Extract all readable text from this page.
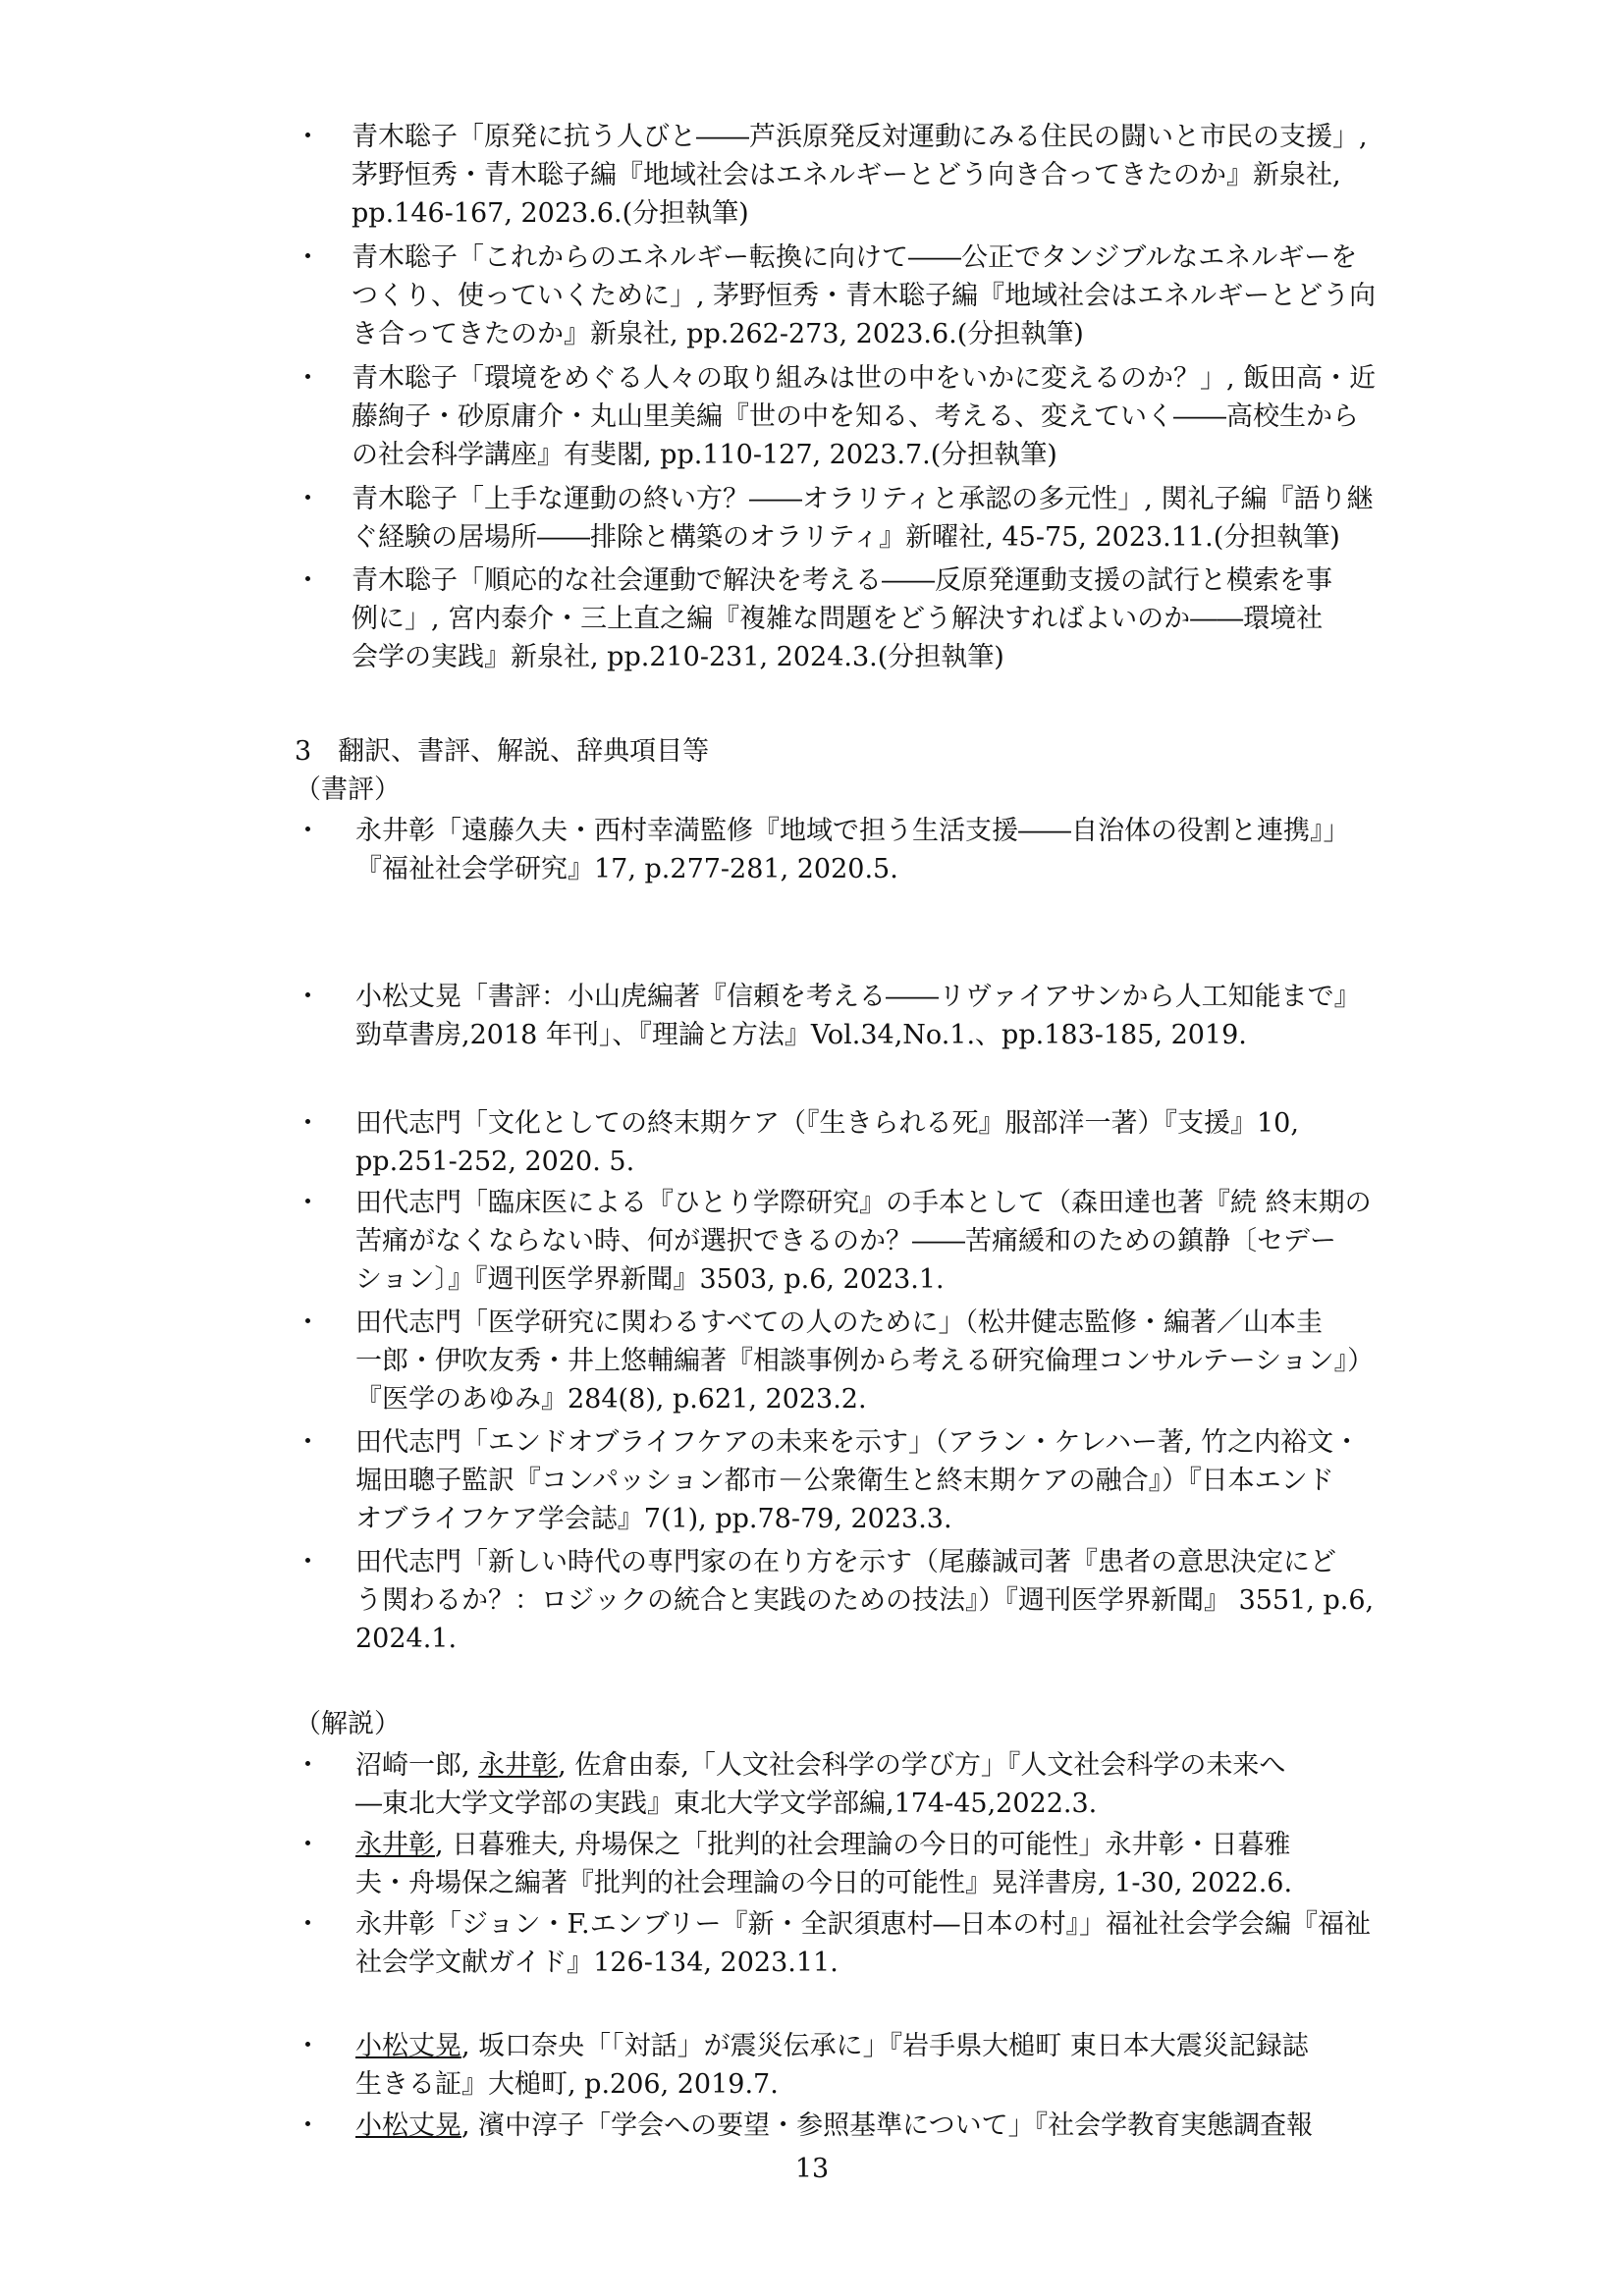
・ 青木聡子「原発に抗う人びと――芦浜原発反対運動にみる住民の闘いと市民の支援」,
茅野恒秀・青木聡子編『地域社会はエネルギーとどう向き合ってきたのか』新泉社,
pp.146-167, 2023.6.(分担執筆)
・ 青木聡子「これからのエネルギー転換に向けて――公正でタンジブルなエネルギーを
つくり、使っていくために」, 茅野恒秀・青木聡子編『地域社会はエネルギーとどう向
き合ってきたのか』新泉社, pp.262-273, 2023.6.(分担執筆)
・ 青木聡子「環境をめぐる人々の取り組みは世の中をいかに変えるのか？」, 飯田高・近
藤絢子・砂原庸介・丸山里美編『世の中を知る、考える、変えていく――高校生から
の社会科学講座』有斐閣, pp.110-127, 2023.7.(分担執筆)
・ 青木聡子「上手な運動の終い方？――オラリティと承認の多元性」, 関礼子編『語り継
ぐ経験の居場所――排除と構築のオラリティ』新曜社, 45-75, 2023.11.(分担執筆)
・ 青木聡子「順応的な社会運動で解決を考える――反原発運動支援の試行と模索を事
例に」, 宮内泰介・三上直之編『複雑な問題をどう解決すればよいのか――環境社
会学の実践』新泉社, pp.210-231, 2024.3.(分担執筆)
3　翻訳、書評、解説、辞典項目等
（書評）
・ 永井彰「遠藤久夫・西村幸満監修『地域で担う生活支援――自治体の役割と連携』」
『福祉社会学研究』17, p.277-281, 2020.5.
・ 小松丈晃「書評：小山虎編著『信頼を考える――リヴァイアサンから人工知能まで』
勁草書房,2018 年刊」、『理論と方法』Vol.34,No.1.、pp.183-185, 2019.
・ 田代志門「文化としての終末期ケア（『生きられる死』服部洋一著）『支援』10,
pp.251-252, 2020. 5.
・ 田代志門「臨床医による『ひとり学際研究』の手本として（森田達也著『続 終末期の
苦痛がなくならない時、何が選択できるのか？――苦痛緩和のための鎮静〔セデー
ション〕』『週刊医学界新聞』3503, p.6, 2023.1.
・ 田代志門「医学研究に関わるすべての人のために」（松井健志監修・編著／山本圭
一郎・伊吹友秀・井上悠輔編著『相談事例から考える研究倫理コンサルテーション』）
『医学のあゆみ』284(8), p.621, 2023.2.
・ 田代志門「エンドオブライフケアの未来を示す」（アラン・ケレハー著, 竹之内裕文・
堀田聰子監訳『コンパッション都市－公衆衛生と終末期ケアの融合』）『日本エンド
オブライフケア学会誌』7(1), pp.78-79, 2023.3.
・ 田代志門「新しい時代の専門家の在り方を示す（尾藤誠司著『患者の意思決定にど
う関わるか？：ロジックの統合と実践のための技法』）『週刊医学界新聞』 3551, p.6,
2024.1.
（解説）
・ 沼崎一郎, 永井彰, 佐倉由泰,「人文社会科学の学び方」『人文社会科学の未来へ
―東北大学文学部の実践』東北大学文学部編,174-45,2022.3.
・ 永井彰, 日暮雅夫, 舟場保之「批判的社会理論の今日的可能性」永井彰・日暮雅
夫・舟場保之編著『批判的社会理論の今日的可能性』晃洋書房, 1-30, 2022.6.
・ 永井彰「ジョン・F.エンブリー『新・全訳須恵村―日本の村』」福祉社会学会編『福祉
社会学文献ガイド』126-134, 2023.11.
・ 小松丈晃, 坂口奈央「「対話」が震災伝承に」『岩手県大槌町 東日本大震災記録誌
生きる証』大槌町, p.206, 2019.7.
・ 小松丈晃, 濱中淳子「学会への要望・参照基準について」『社会学教育実態調査報
13
